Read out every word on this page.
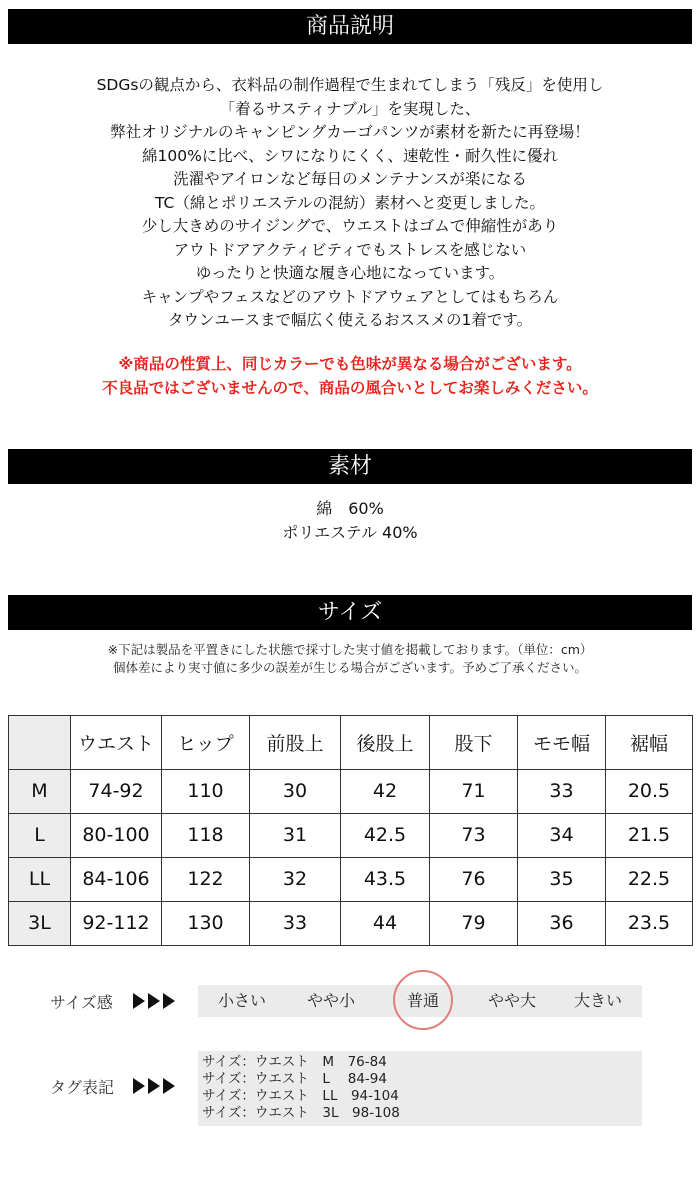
商品説明
素材
サイズ
SDGsの観点から、衣料品の制作過程で生まれてしまう「残反」を使用し
「着るサスティナブル」を実現した、
弊社オリジナルのキャンピングカーゴパンツが素材を新たに再登場！
綿100%に比べ、シワになりにくく、速乾性・耐久性に優れ
洗濯やアイロンなど毎日のメンテナンスが楽になる
TC（綿とポリエステルの混紡）素材へと変更しました。
少し大きめのサイジングで、ウエストはゴムで伸縮性があり
アウトドアアクティビティでもストレスを感じない
ゆったりと快適な履き心地になっています。
キャンプやフェスなどのアウトドアウェアとしてはもちろん
タウンユースまで幅広く使えるおススメの1着です。
※商品の性質上、同じカラーでも色味が異なる場合がございます。
不良品ではございませんので、商品の風合いとしてお楽しみください。
綿　60%
ポリエステル 40%
※下記は製品を平置きにした状態で採寸した実寸値を掲載しております。（単位：cm）
個体差により実寸値に多少の誤差が生じる場合がございます。予めご了承ください。
	ウエスト	ヒップ	前股上	後股上	股下	モモ幅	裾幅
M	74-92	110	30	42	71	33	20.5
L	80-100	118	31	42.5	73	34	21.5
LL	84-106	122	32	43.5	76	35	22.5
3L	92-112	130	33	44	79	36	23.5
サイズ感	小さい	やや小	普通	やや大	大きい
タグ表記
サイズ：ウエスト　M　76-84
サイズ：ウエスト　L　 84-94
サイズ：ウエスト　LL　94-104
サイズ：ウエスト　3L　98-108
